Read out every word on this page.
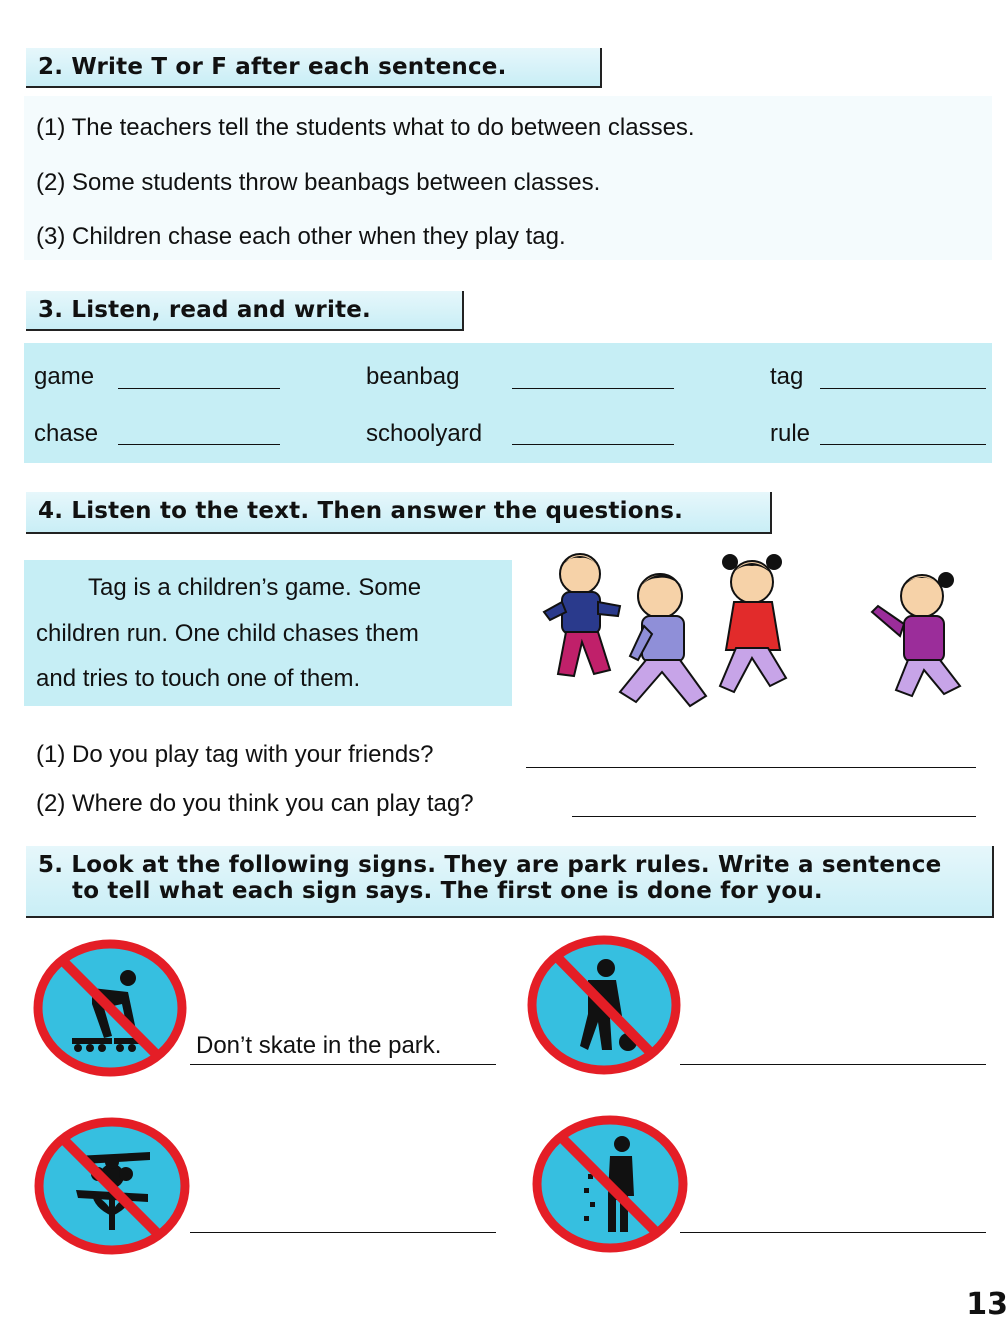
2. Write T or F after each sentence.
(1) The teachers tell the students what to do between classes.
(2) Some students throw beanbags between classes.
(3) Children chase each other when they play tag.
3. Listen, read and write.
game	beanbag	tag
chase	schoolyard	rule
4. Listen to the text. Then answer the questions.
Tag is a children’s game. Some
children run. One child chases them
and tries to touch one of them.
(1) Do you play tag with your friends?
(2) Where do you think you can play tag?
5. Look at the following signs. They are park rules. Write a sentence
to tell what each sign says. The first one is done for you.
Don’t skate in the park.
13
